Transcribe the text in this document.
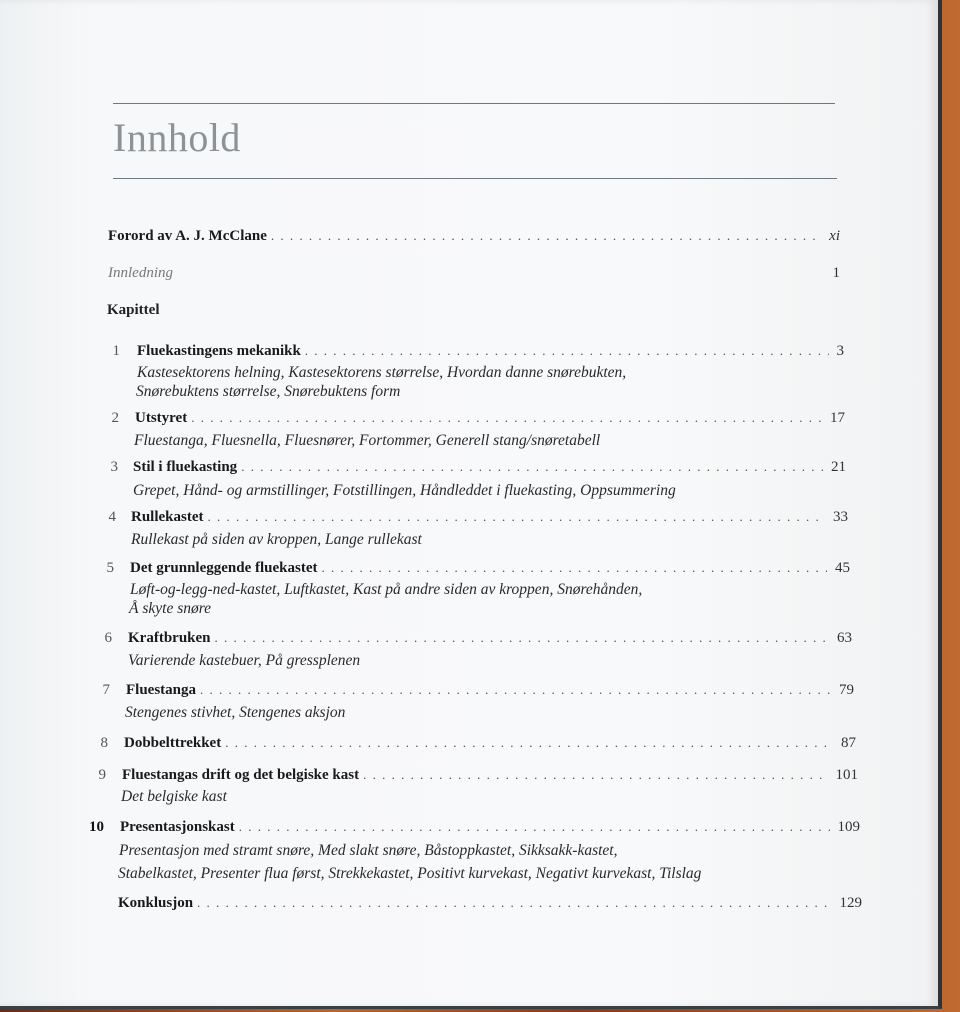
Innhold
Forord av A. J. McClane . . .	xi
Innledning	1
Kapittel
1 Fluekastingens mekanikk . . .	3
Kastesektorens helning, Kastesektorens størrelse, Hvordan danne snørebukten,
Snørebuktens størrelse, Snørebuktens form
2 Utstyret . . .	17
Fluestanga, Fluesnella, Fluesnører, Fortommer, Generell stang/snøretabell
3 Stil i fluekasting . . .	21
Grepet, Hånd- og armstillinger, Fotstillingen, Håndleddet i fluekasting, Oppsummering
4 Rullekastet . . .	33
Rullekast på siden av kroppen, Lange rullekast
5 Det grunnleggende fluekastet . . .	45
Løft-og-legg-ned-kastet, Luftkastet, Kast på andre siden av kroppen, Snørehånden,
Å skyte snøre
6 Kraftbruken . . .	63
Varierende kastebuer, På gressplenen
7 Fluestanga . . .	79
Stengenes stivhet, Stengenes aksjon
8 Dobbelttrekket . . .	87
9 Fluestangas drift og det belgiske kast . . .	101
Det belgiske kast
10 Presentasjonskast . . .	109
Presentasjon med stramt snøre, Med slakt snøre, Båstoppkastet, Sikksakk-kastet,
Stabelkastet, Presenter flua først, Strekkekastet, Positivt kurvekast, Negativt kurvekast, Tilslag
Konklusjon . . .	129
